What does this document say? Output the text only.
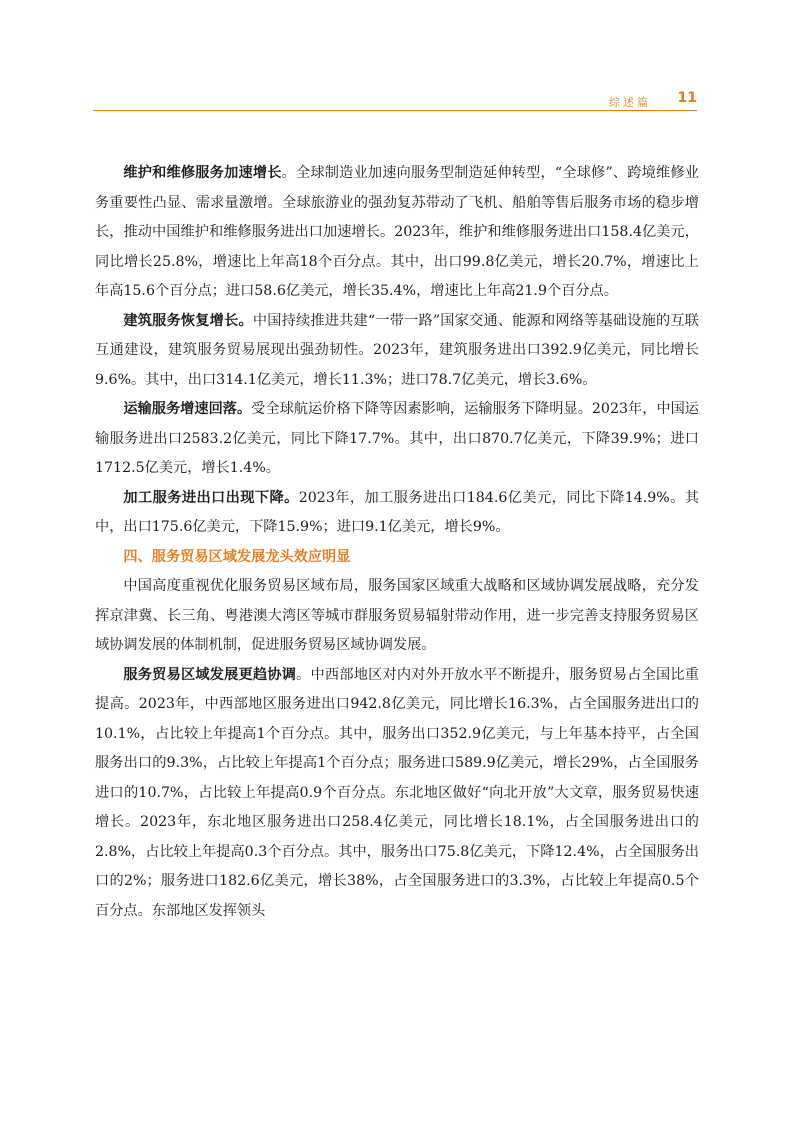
综述篇 11

维护和维修服务加速增长。全球制造业加速向服务型制造延伸转型，“全球修”、跨境维修业务重要性凸显、需求量激增。全球旅游业的强劲复苏带动了飞机、船舶等售后服务市场的稳步增长，推动中国维护和维修服务进出口加速增长。2023年，维护和维修服务进出口158.4亿美元，同比增长25.8%，增速比上年高18个百分点。其中，出口99.8亿美元，增长20.7%，增速比上年高15.6个百分点；进口58.6亿美元，增长35.4%，增速比上年高21.9个百分点。

建筑服务恢复增长。中国持续推进共建“一带一路”国家交通、能源和网络等基础设施的互联互通建设，建筑服务贸易展现出强劲韧性。2023年，建筑服务进出口392.9亿美元，同比增长9.6%。其中，出口314.1亿美元，增长11.3%；进口78.7亿美元，增长3.6%。

运输服务增速回落。受全球航运价格下降等因素影响，运输服务下降明显。2023年，中国运输服务进出口2583.2亿美元，同比下降17.7%。其中，出口870.7亿美元，下降39.9%；进口1712.5亿美元，增长1.4%。

加工服务进出口出现下降。2023年，加工服务进出口184.6亿美元，同比下降14.9%。其中，出口175.6亿美元，下降15.9%；进口9.1亿美元，增长9%。

四、服务贸易区域发展龙头效应明显

中国高度重视优化服务贸易区域布局，服务国家区域重大战略和区域协调发展战略，充分发挥京津冀、长三角、粤港澳大湾区等城市群服务贸易辐射带动作用，进一步完善支持服务贸易区域协调发展的体制机制，促进服务贸易区域协调发展。

服务贸易区域发展更趋协调。中西部地区对内对外开放水平不断提升，服务贸易占全国比重提高。2023年，中西部地区服务进出口942.8亿美元，同比增长16.3%，占全国服务进出口的10.1%，占比较上年提高1个百分点。其中，服务出口352.9亿美元，与上年基本持平，占全国服务出口的9.3%，占比较上年提高1个百分点；服务进口589.9亿美元，增长29%，占全国服务进口的10.7%，占比较上年提高0.9个百分点。东北地区做好“向北开放”大文章，服务贸易快速增长。2023年，东北地区服务进出口258.4亿美元，同比增长18.1%，占全国服务进出口的2.8%，占比较上年提高0.3个百分点。其中，服务出口75.8亿美元，下降12.4%，占全国服务出口的2%；服务进口182.6亿美元，增长38%，占全国服务进口的3.3%，占比较上年提高0.5个百分点。东部地区发挥领头
